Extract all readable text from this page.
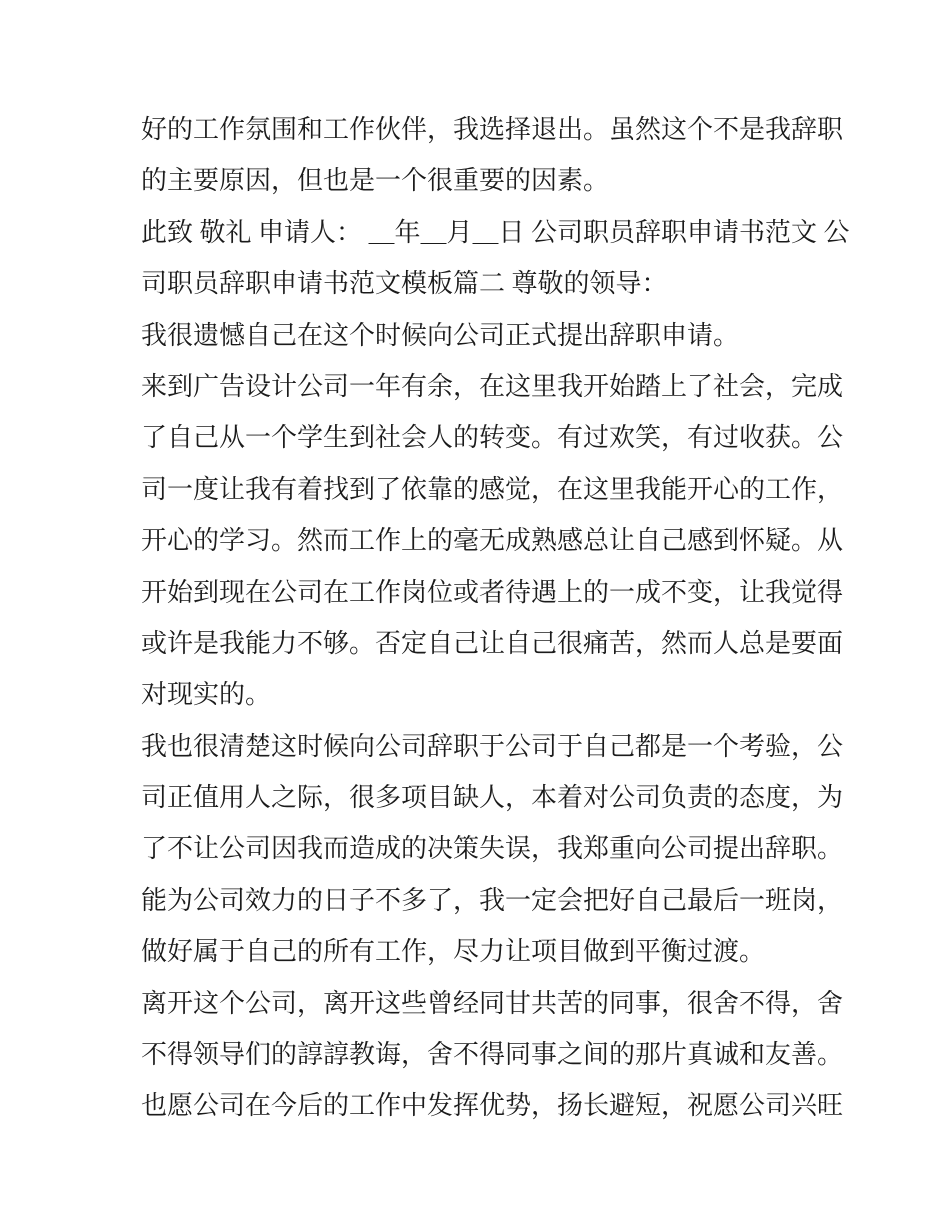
好的工作氛围和工作伙伴，我选择退出。虽然这个不是我辞职
的主要原因，但也是一个很重要的因素。
此致 敬礼 申请人： ＿年＿月＿日 公司职员辞职申请书范文 公
司职员辞职申请书范文模板篇二 尊敬的领导：
我很遗憾自己在这个时候向公司正式提出辞职申请。
来到广告设计公司一年有余，在这里我开始踏上了社会，完成
了自己从一个学生到社会人的转变。有过欢笑，有过收获。公
司一度让我有着找到了依靠的感觉，在这里我能开心的工作，
开心的学习。然而工作上的毫无成熟感总让自己感到怀疑。从
开始到现在公司在工作岗位或者待遇上的一成不变，让我觉得
或许是我能力不够。否定自己让自己很痛苦，然而人总是要面
对现实的。
我也很清楚这时候向公司辞职于公司于自己都是一个考验，公
司正值用人之际，很多项目缺人，本着对公司负责的态度，为
了不让公司因我而造成的决策失误，我郑重向公司提出辞职。
能为公司效力的日子不多了，我一定会把好自己最后一班岗，
做好属于自己的所有工作，尽力让项目做到平衡过渡。
离开这个公司，离开这些曾经同甘共苦的同事，很舍不得，舍
不得领导们的諄諄教诲，舍不得同事之间的那片真诚和友善。
也愿公司在今后的工作中发挥优势，扬长避短，祝愿公司兴旺
